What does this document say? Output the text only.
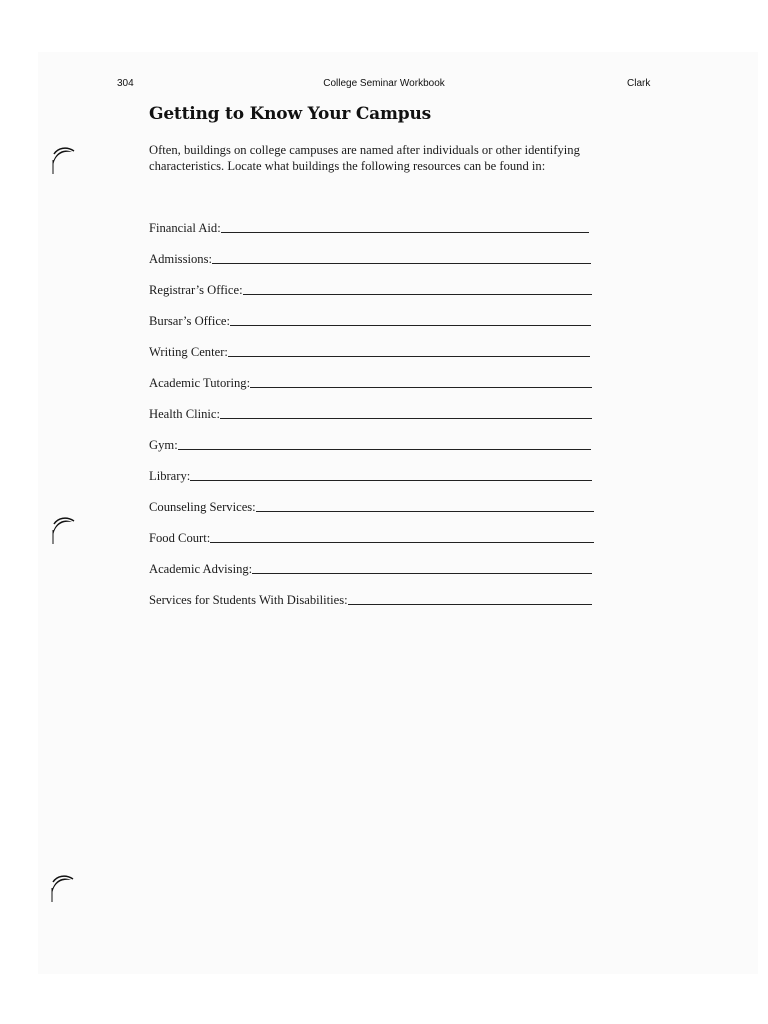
304	College Seminar Workbook	Clark
Getting to Know Your Campus
Often, buildings on college campuses are named after individuals or other identifying
characteristics. Locate what buildings the following resources can be found in:
Financial Aid:
Admissions:
Registrar’s Office:
Bursar’s Office:
Writing Center:
Academic Tutoring:
Health Clinic:
Gym:
Library:
Counseling Services:
Food Court:
Academic Advising:
Services for Students With Disabilities:
